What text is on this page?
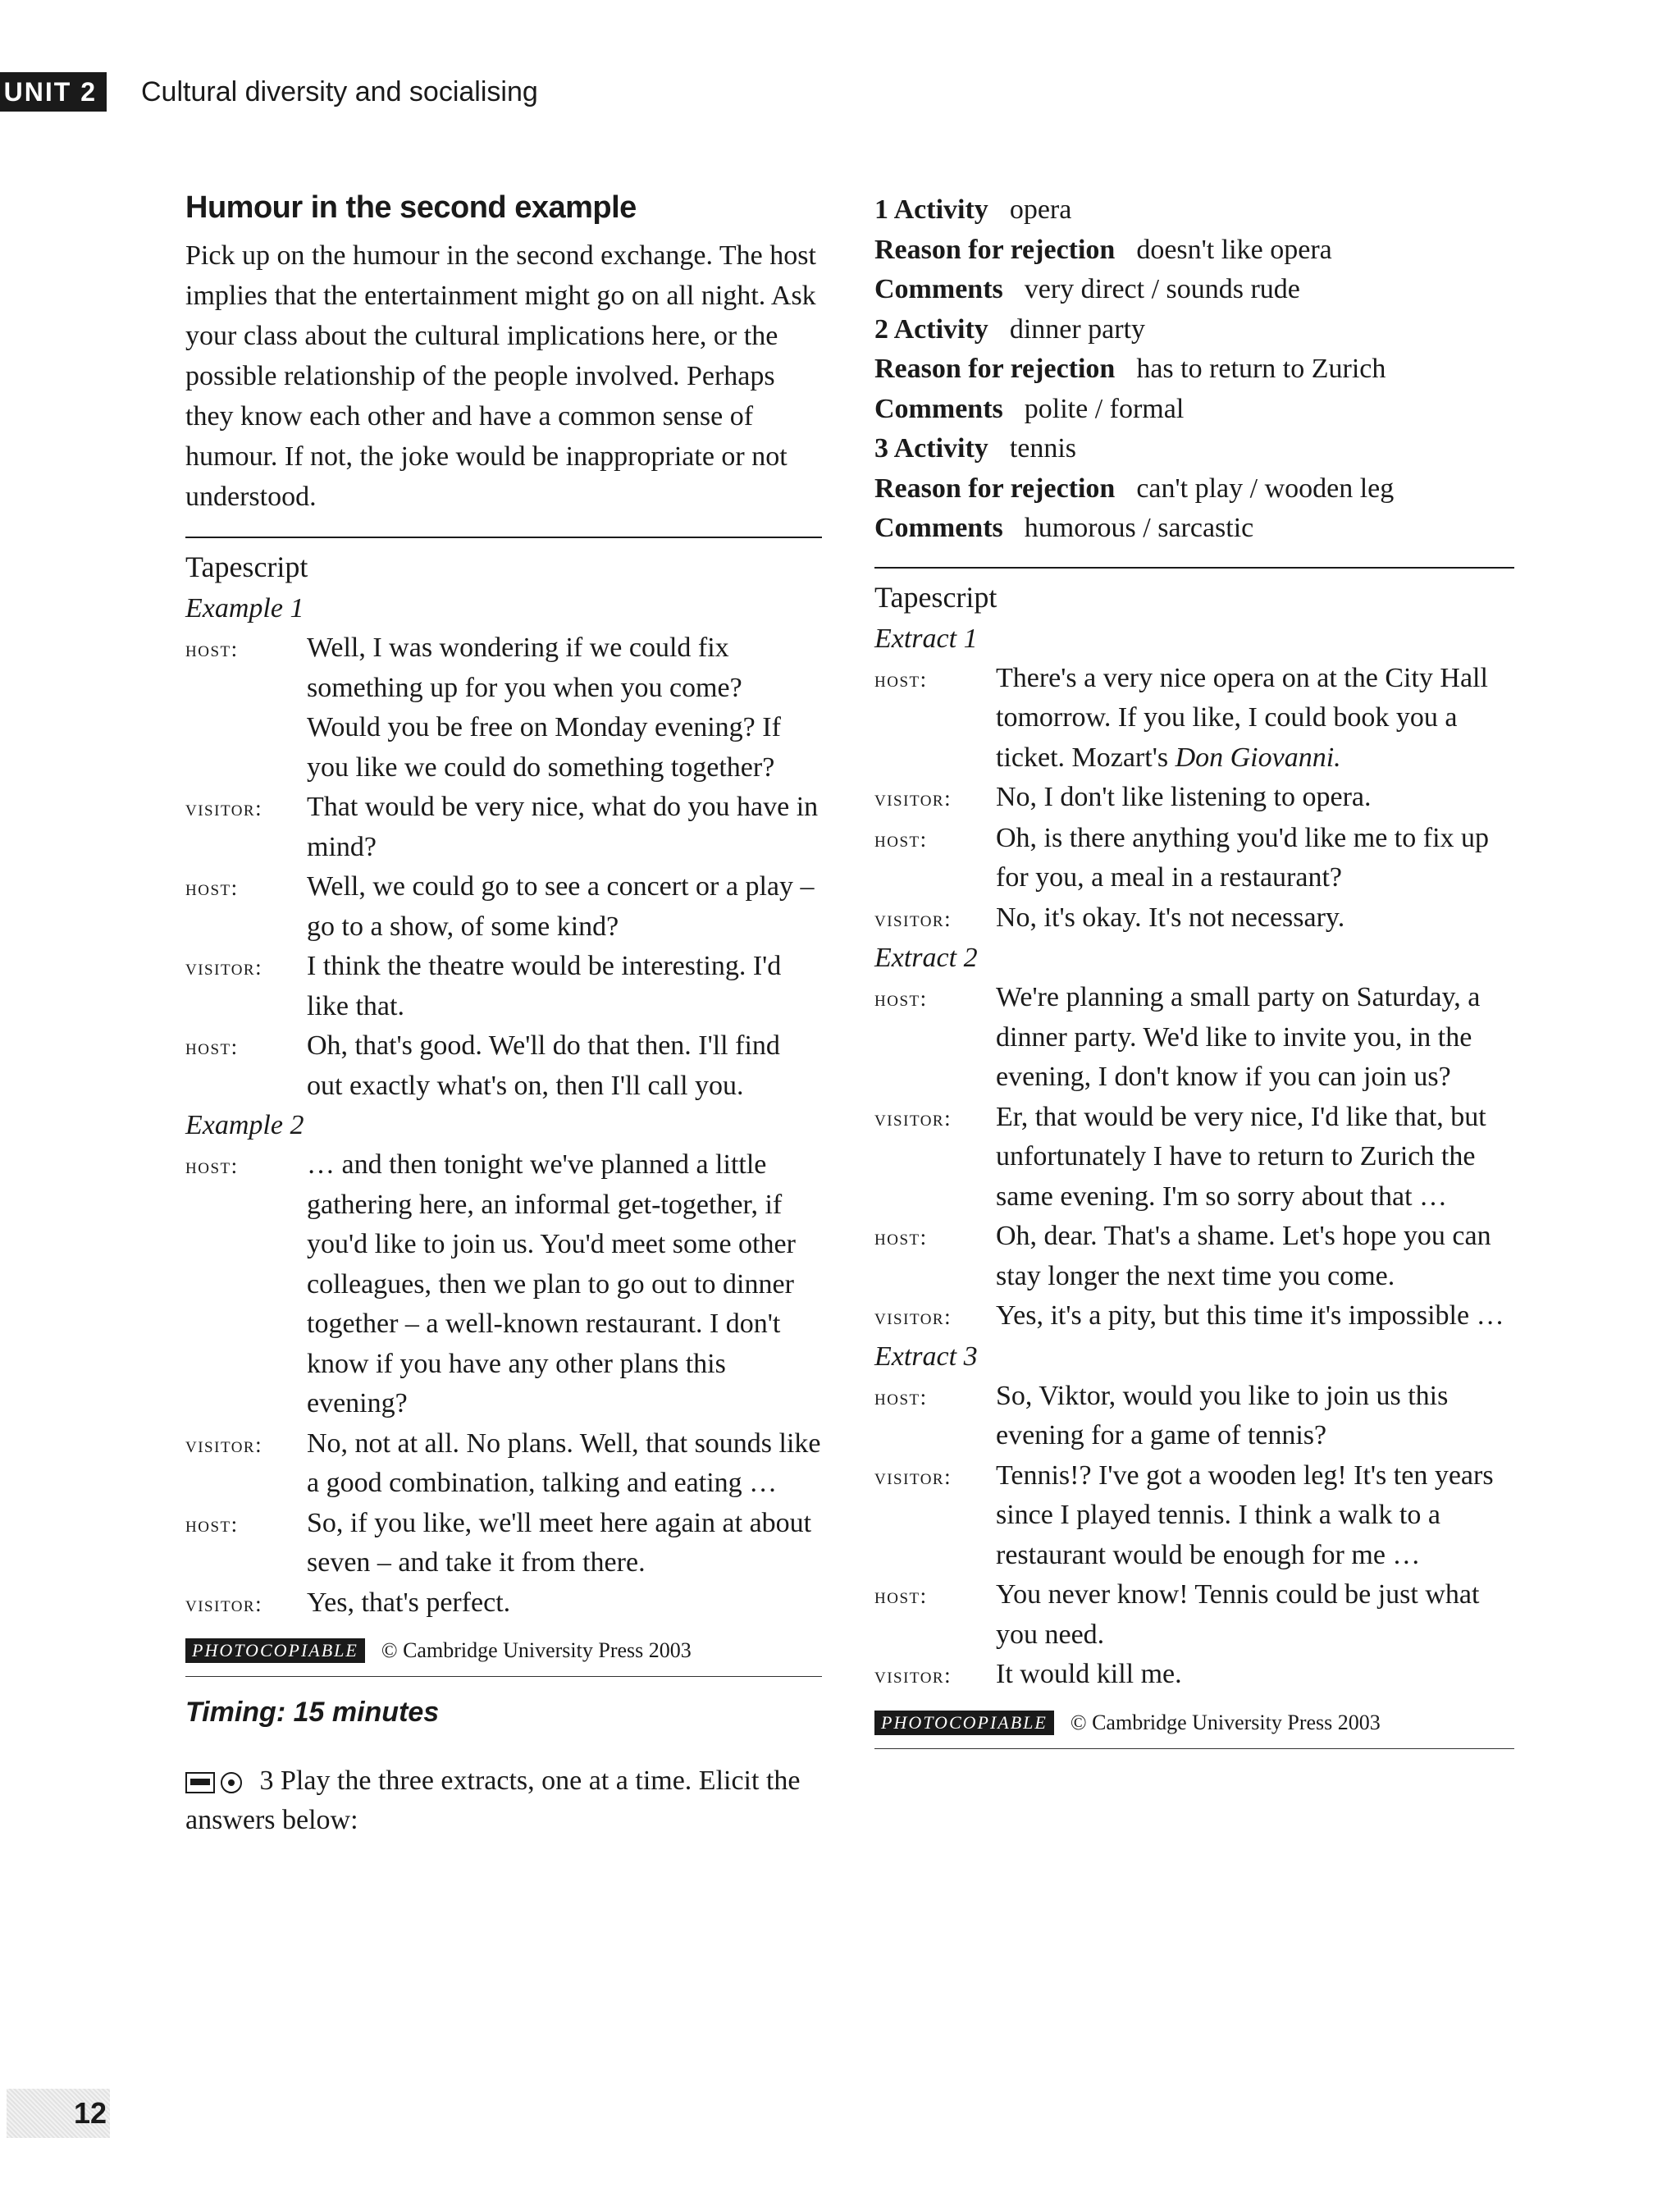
UNIT 2	Cultural diversity and socialising
Humour in the second example

Pick up on the humour in the second exchange. The host implies that the entertainment might go on all night. Ask your class about the cultural implications here, or the possible relationship of the people involved. Perhaps they know each other and have a common sense of humour. If not, the joke would be inappropriate or not understood.

Tapescript
Example 1
host:	Well, I was wondering if we could fix something up for you when you come? Would you be free on Monday evening? If you like we could do something together?
visitor:	That would be very nice, what do you have in mind?
host:	Well, we could go to see a concert or a play – go to a show, of some kind?
visitor:	I think the theatre would be interesting. I'd like that.
host:	Oh, that's good. We'll do that then. I'll find out exactly what's on, then I'll call you.
Example 2
host:	… and then tonight we've planned a little gathering here, an informal get-together, if you'd like to join us. You'd meet some other colleagues, then we plan to go out to dinner together – a well-known restaurant. I don't know if you have any other plans this evening?
visitor:	No, not at all. No plans. Well, that sounds like a good combination, talking and eating …
host:	So, if you like, we'll meet here again at about seven – and take it from there.
visitor:	Yes, that's perfect.
PHOTOCOPIABLE	© Cambridge University Press 2003
Timing: 15 minutes

3 Play the three extracts, one at a time. Elicit the answers below:

1 Activity opera
Reason for rejection doesn't like opera
Comments very direct / sounds rude
2 Activity dinner party
Reason for rejection has to return to Zurich
Comments polite / formal
3 Activity tennis
Reason for rejection can't play / wooden leg
Comments humorous / sarcastic
Tapescript
Extract 1
host:	There's a very nice opera on at the City Hall tomorrow. If you like, I could book you a ticket. Mozart's Don Giovanni.
visitor:	No, I don't like listening to opera.
host:	Oh, is there anything you'd like me to fix up for you, a meal in a restaurant?
visitor:	No, it's okay. It's not necessary.
Extract 2
host:	We're planning a small party on Saturday, a dinner party. We'd like to invite you, in the evening, I don't know if you can join us?
visitor:	Er, that would be very nice, I'd like that, but unfortunately I have to return to Zurich the same evening. I'm so sorry about that …
host:	Oh, dear. That's a shame. Let's hope you can stay longer the next time you come.
visitor:	Yes, it's a pity, but this time it's impossible …
Extract 3
host:	So, Viktor, would you like to join us this evening for a game of tennis?
visitor:	Tennis!? I've got a wooden leg! It's ten years since I played tennis. I think a walk to a restaurant would be enough for me …
host:	You never know! Tennis could be just what you need.
visitor:	It would kill me.
PHOTOCOPIABLE	© Cambridge University Press 2003
12
